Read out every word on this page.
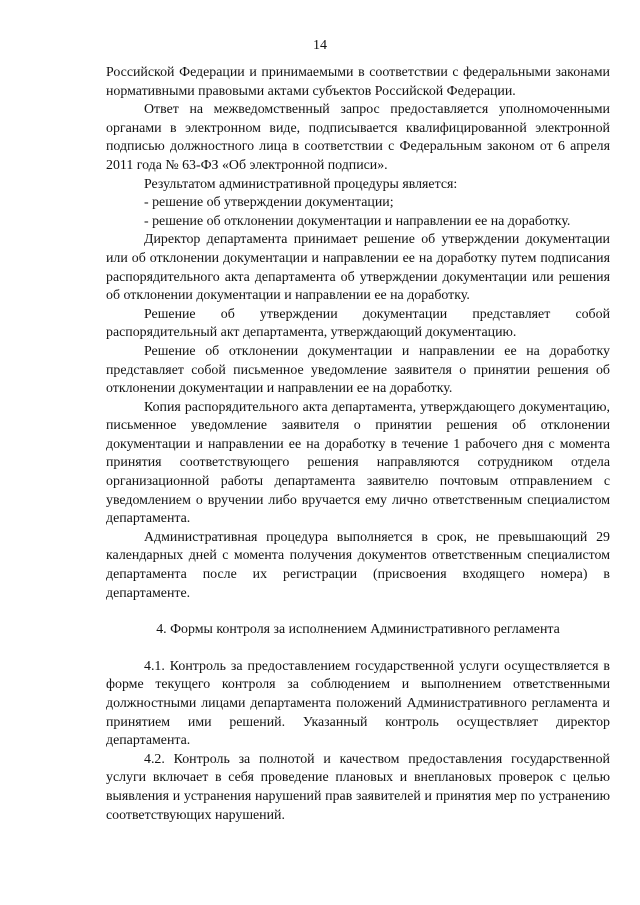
14

Российской Федерации и принимаемыми в соответствии с федеральными законами нормативными правовыми актами субъектов Российской Федерации.

Ответ на межведомственный запрос предоставляется уполномоченными органами в электронном виде, подписывается квалифицированной электронной подписью должностного лица в соответствии с Федеральным законом от 6 апреля 2011 года № 63-ФЗ «Об электронной подписи».

Результатом административной процедуры является:

- решение об утверждении документации;

- решение об отклонении документации и направлении ее на доработку.

Директор департамента принимает решение об утверждении документации или об отклонении документации и направлении ее на доработку путем подписания распорядительного акта департамента об утверждении документации или решения об отклонении документации и направлении ее на доработку.

Решение об утверждении документации представляет собой распорядительный акт департамента, утверждающий документацию.

Решение об отклонении документации и направлении ее на доработку представляет собой письменное уведомление заявителя о принятии решения об отклонении документации и направлении ее на доработку.

Копия распорядительного акта департамента, утверждающего документацию, письменное уведомление заявителя о принятии решения об отклонении документации и направлении ее на доработку в течение 1 рабочего дня с момента принятия соответствующего решения направляются сотрудником отдела организационной работы департамента заявителю почтовым отправлением с уведомлением о вручении либо вручается ему лично ответственным специалистом департамента.

Административная процедура выполняется в срок, не превышающий 29 календарных дней с момента получения документов ответственным специалистом департамента после их регистрации (присвоения входящего номера) в департаменте.

4. Формы контроля за исполнением Административного регламента

4.1. Контроль за предоставлением государственной услуги осуществляется в форме текущего контроля за соблюдением и выполнением ответственными должностными лицами департамента положений Административного регламента и принятием ими решений. Указанный контроль осуществляет директор департамента.

4.2. Контроль за полнотой и качеством предоставления государственной услуги включает в себя проведение плановых и внеплановых проверок с целью выявления и устранения нарушений прав заявителей и принятия мер по устранению соответствующих нарушений.
